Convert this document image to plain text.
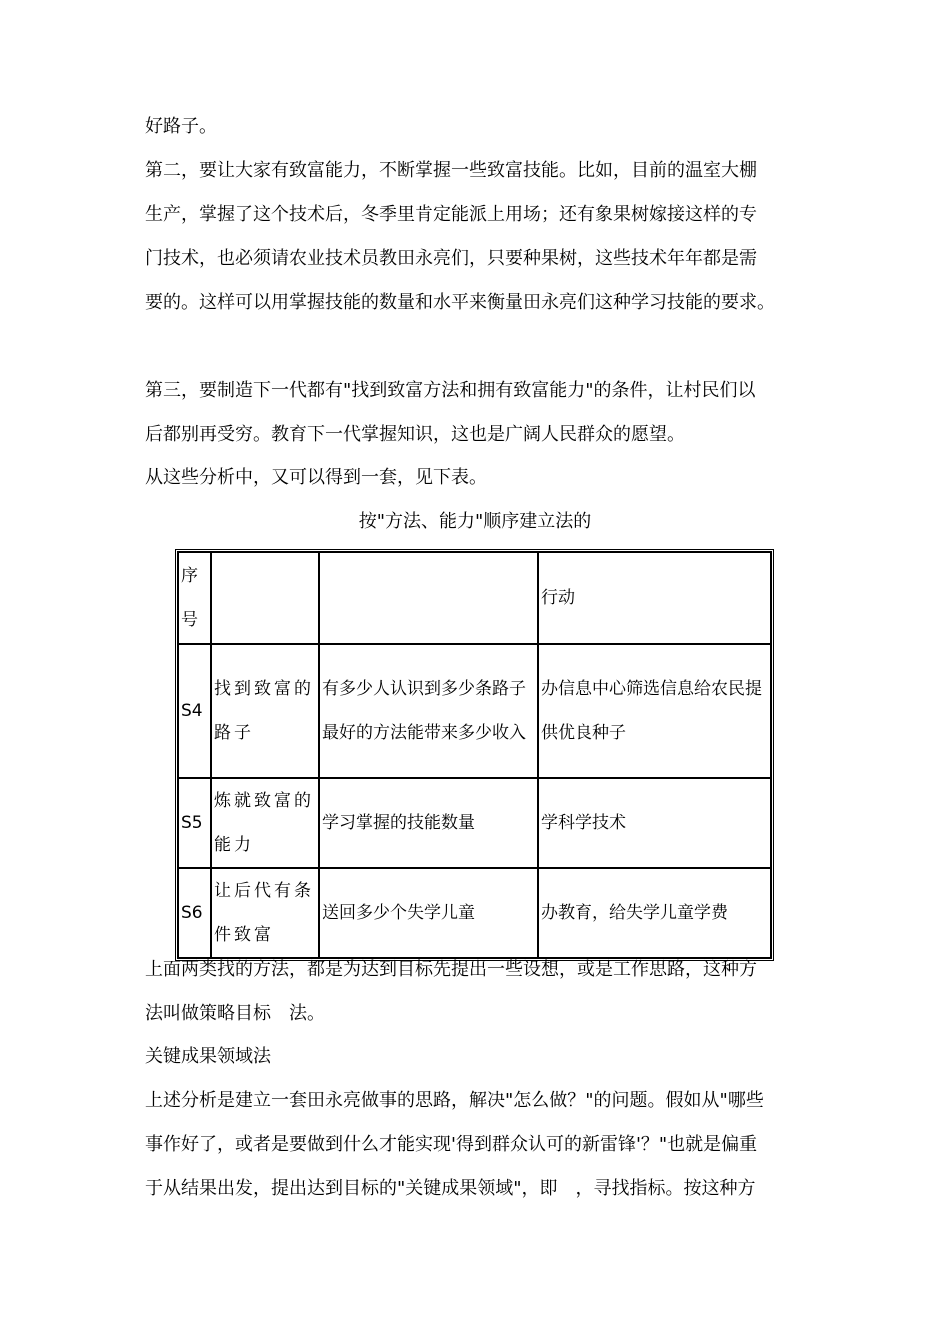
好路子。

第二，要让大家有致富能力，不断掌握一些致富技能。比如，目前的温室大棚

生产，掌握了这个技术后，冬季里肯定能派上用场；还有象果树嫁接这样的专

门技术，也必须请农业技术员教田永亮们，只要种果树，这些技术年年都是需

要的。这样可以用掌握技能的数量和水平来衡量田永亮们这种学习技能的要求。

第三，要制造下一代都有"找到致富方法和拥有致富能力"的条件，让村民们以

后都别再受穷。教育下一代掌握知识，这也是广阔人民群众的愿望。

从这些分析中，又可以得到一套，见下表。

按"方法、能力"顺序建立法的

序号			行动
S4	找到致富的路子	有多少人认识到多少条路子最好的方法能带来多少收入	办信息中心筛选信息给农民提供优良种子
S5	炼就致富的能力	学习掌握的技能数量	学科学技术
S6	让后代有条件致富	送回多少个失学儿童	办教育，给失学儿童学费

上面两类找的方法，都是为达到目标先提出一些设想，或是工作思路，这种方

法叫做策略目标　法。

关键成果领域法

上述分析是建立一套田永亮做事的思路，解决"怎么做？"的问题。假如从"哪些

事作好了，或者是要做到什么才能实现'得到群众认可的新雷锋'？"也就是偏重

于从结果出发，提出达到目标的"关键成果领域"，即　，寻找指标。按这种方
